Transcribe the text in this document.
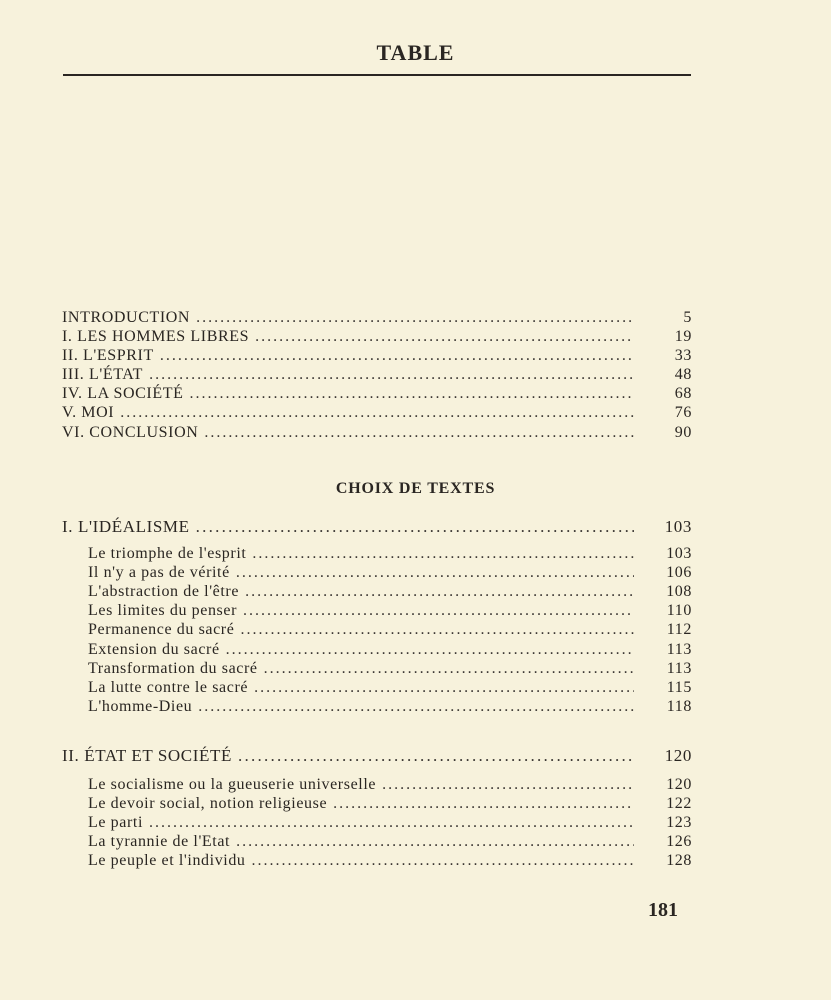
TABLE
INTRODUCTION . . .	5
I. LES HOMMES LIBRES . . .	19
II. L'ESPRIT . . .	33
III. L'ÉTAT . . .	48
IV. LA SOCIÉTÉ . . .	68
V. MOI . . .	76
VI. CONCLUSION . . .	90
CHOIX DE TEXTES
I. L'IDÉALISME . . .	103
Le triomphe de l'esprit . . .	103
Il n'y a pas de vérité . . .	106
L'abstraction de l'être . . .	108
Les limites du penser . . .	110
Permanence du sacré . . .	112
Extension du sacré . . .	113
Transformation du sacré . . .	113
La lutte contre le sacré . . .	115
L'homme-Dieu . . .	118
II. ÉTAT ET SOCIÉTÉ . . .	120
Le socialisme ou la gueuserie universelle . . .	120
Le devoir social, notion religieuse . . .	122
Le parti . . .	123
La tyrannie de l'Etat . . .	126
Le peuple et l'individu . . .	128
181
